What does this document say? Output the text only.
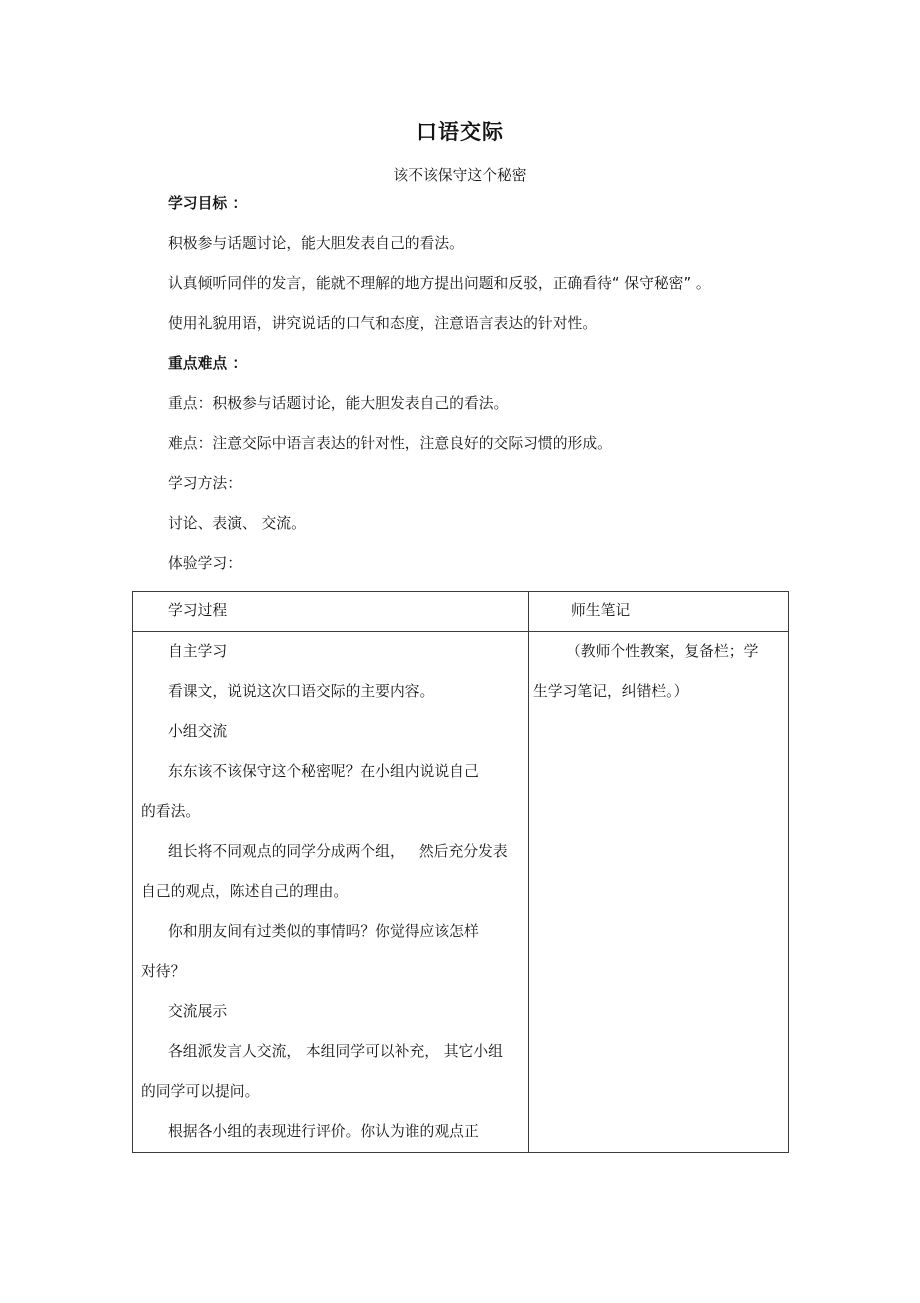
口语交际
该不该保守这个秘密
学习目标 ：
积极参与话题讨论，能大胆发表自己的看法。
认真倾听同伴的发言，能就不理解的地方提出问题和反驳，正确看待“ 保守秘密” 。
使用礼貌用语，讲究说话的口气和态度，注意语言表达的针对性。
重点难点 ：
重点：积极参与话题讨论，能大胆发表自己的看法。
难点：注意交际中语言表达的针对性，注意良好的交际习惯的形成。
学习方法：
讨论、表演、 交流。
体验学习：
学习过程	师生笔记
自主学习
看课文，说说这次口语交际的主要内容。
小组交流
东东该不该保守这个秘密呢？在小组内说说自己
的看法。
组长将不同观点的同学分成两个组，   然后充分发表
自己的观点，陈述自己的理由。
你和朋友间有过类似的事情吗？你觉得应该怎样
对待？
交流展示
各组派发言人交流， 本组同学可以补充， 其它小组
的同学可以提问。
根据各小组的表现进行评价。你认为谁的观点正
（教师个性教案，复备栏；学
生学习笔记，纠错栏。）
